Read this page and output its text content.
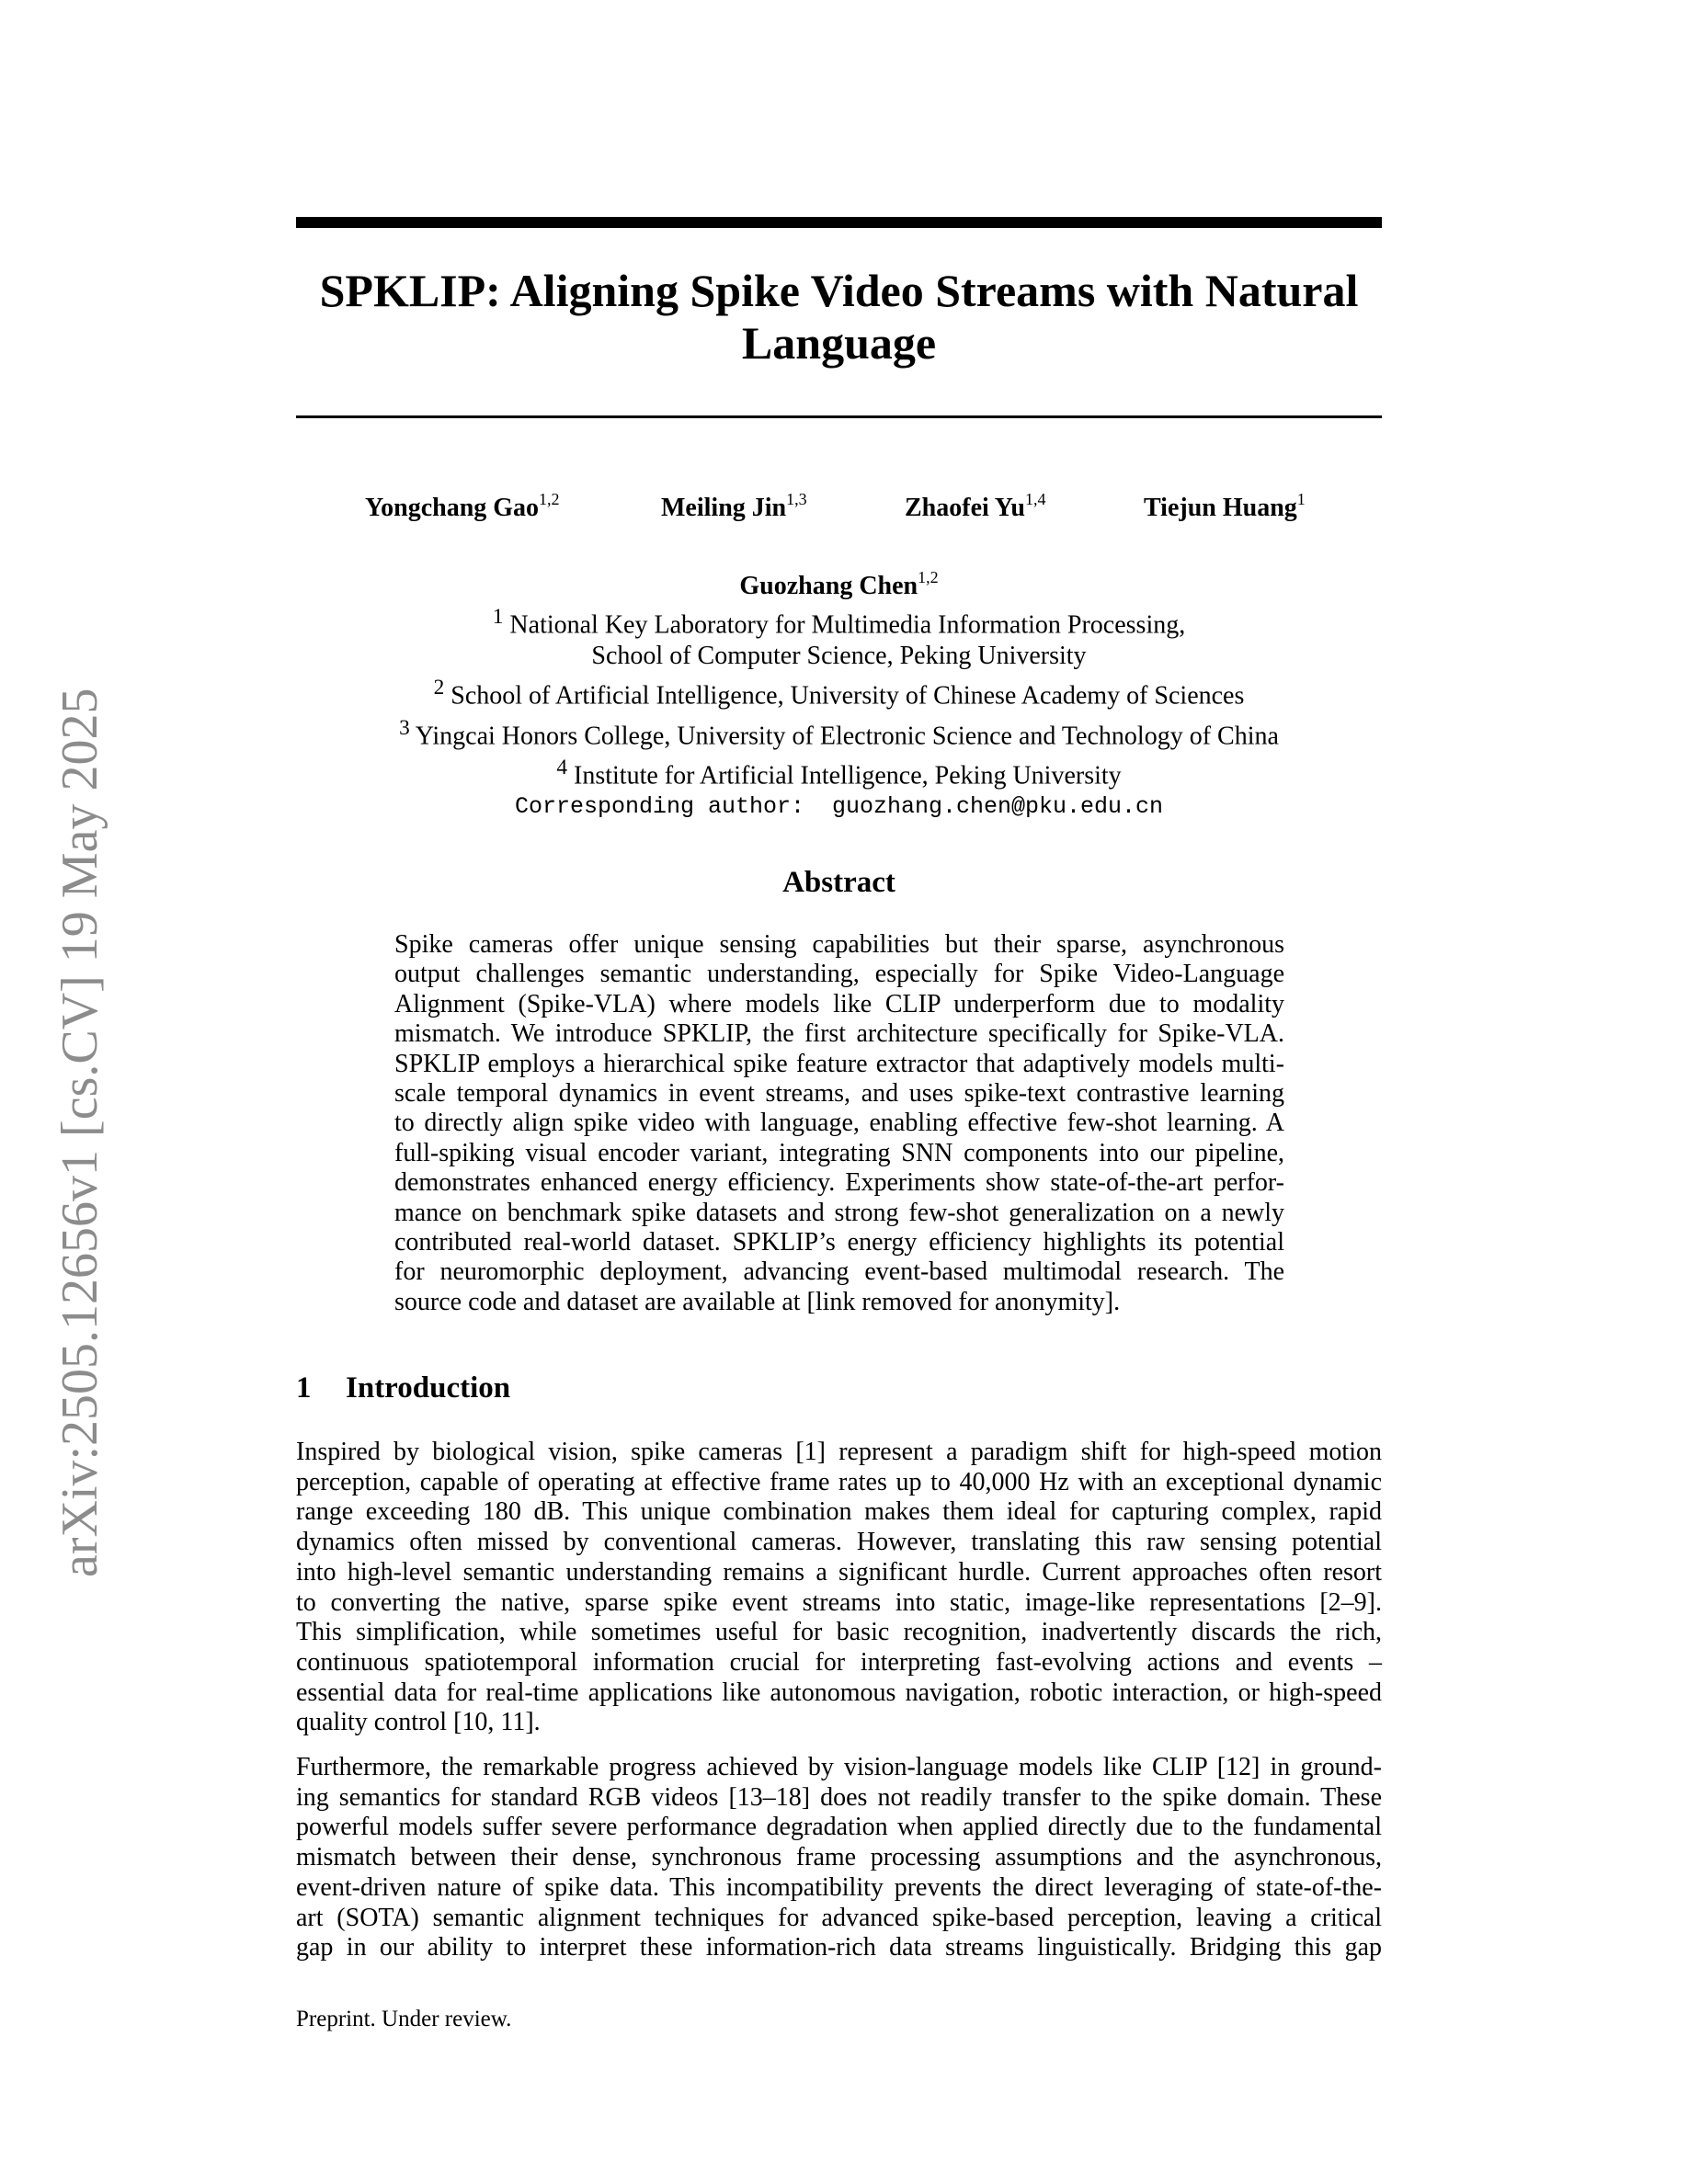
arXiv:2505.12656v1 [cs.CV] 19 May 2025
SPKLIP: Aligning Spike Video Streams with Natural
Language
Yongchang Gao$^{1,2}$	Meiling Jin$^{1,3}$	Zhaofei Yu$^{1,4}$	Tiejun Huang$^1$
Guozhang Chen$^{1,2}$
$^1$ National Key Laboratory for Multimedia Information Processing,
School of Computer Science, Peking University
$^2$ School of Artificial Intelligence, University of Chinese Academy of Sciences
$^3$ Yingcai Honors College, University of Electronic Science and Technology of China
$^4$ Institute for Artificial Intelligence, Peking University
Corresponding author:  guozhang.chen@pku.edu.cn
Abstract
Spike cameras offer unique sensing capabilities but their sparse, asynchronous
output challenges semantic understanding, especially for Spike Video-Language
Alignment (Spike-VLA) where models like CLIP underperform due to modality
mismatch. We introduce SPKLIP, the first architecture specifically for Spike-VLA.
SPKLIP employs a hierarchical spike feature extractor that adaptively models multi-
scale temporal dynamics in event streams, and uses spike-text contrastive learning
to directly align spike video with language, enabling effective few-shot learning. A
full-spiking visual encoder variant, integrating SNN components into our pipeline,
demonstrates enhanced energy efficiency. Experiments show state-of-the-art perfor-
mance on benchmark spike datasets and strong few-shot generalization on a newly
contributed real-world dataset. SPKLIP’s energy efficiency highlights its potential
for neuromorphic deployment, advancing event-based multimodal research. The
source code and dataset are available at [link removed for anonymity].
1 Introduction
Inspired by biological vision, spike cameras [1] represent a paradigm shift for high-speed motion
perception, capable of operating at effective frame rates up to 40,000 Hz with an exceptional dynamic
range exceeding 180 dB. This unique combination makes them ideal for capturing complex, rapid
dynamics often missed by conventional cameras. However, translating this raw sensing potential
into high-level semantic understanding remains a significant hurdle. Current approaches often resort
to converting the native, sparse spike event streams into static, image-like representations [2–9].
This simplification, while sometimes useful for basic recognition, inadvertently discards the rich,
continuous spatiotemporal information crucial for interpreting fast-evolving actions and events –
essential data for real-time applications like autonomous navigation, robotic interaction, or high-speed
quality control [10, 11].
Furthermore, the remarkable progress achieved by vision-language models like CLIP [12] in ground-
ing semantics for standard RGB videos [13–18] does not readily transfer to the spike domain. These
powerful models suffer severe performance degradation when applied directly due to the fundamental
mismatch between their dense, synchronous frame processing assumptions and the asynchronous,
event-driven nature of spike data. This incompatibility prevents the direct leveraging of state-of-the-
art (SOTA) semantic alignment techniques for advanced spike-based perception, leaving a critical
gap in our ability to interpret these information-rich data streams linguistically. Bridging this gap
Preprint. Under review.
